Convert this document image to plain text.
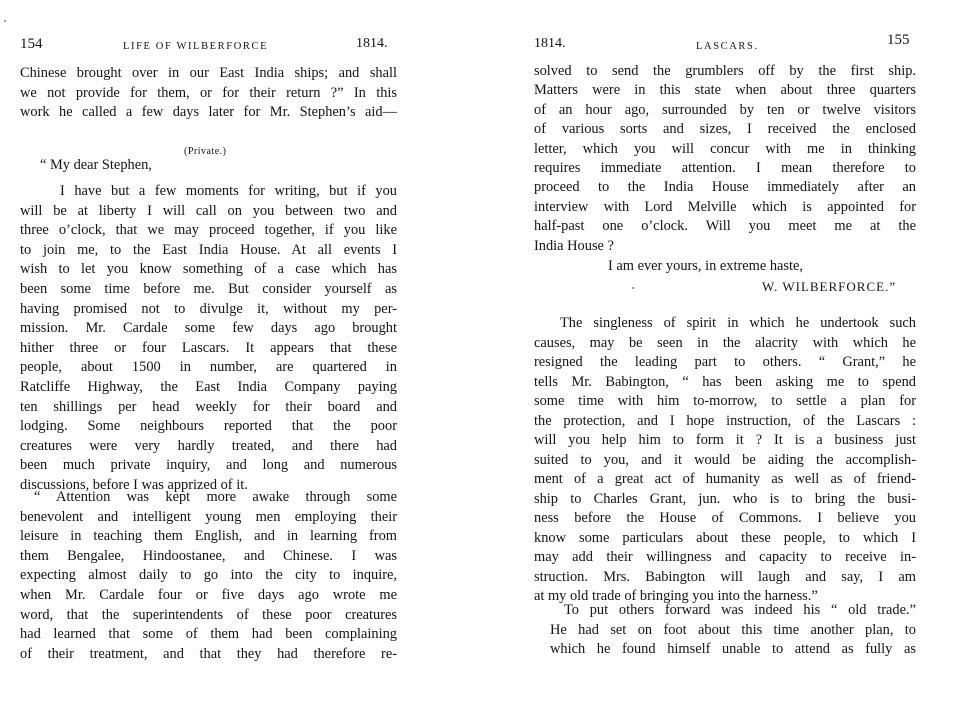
154	LIFE OF WILBERFORCE	1814.
Chinese brought over in our East India ships; and shall
we not provide for them, or for their return ?” In this
work he called a few days later for Mr. Stephen’s aid—
(Private.)
“ My dear Stephen,
I have but a few moments for writing, but if you
will be at liberty I will call on you between two and
three o’clock, that we may proceed together, if you like
to join me, to the East India House. At all events I
wish to let you know something of a case which has
been some time before me. But consider yourself as
having promised not to divulge it, without my per-
mission. Mr. Cardale some few days ago brought
hither three or four Lascars. It appears that these
people, about 1500 in number, are quartered in
Ratcliffe Highway, the East India Company paying
ten shillings per head weekly for their board and
lodging. Some neighbours reported that the poor
creatures were very hardly treated, and there had
been much private inquiry, and long and numerous
discussions, before I was apprized of it.
“ Attention was kept more awake through some
benevolent and intelligent young men employing their
leisure in teaching them English, and in learning from
them Bengalee, Hindoostanee, and Chinese. I was
expecting almost daily to go into the city to inquire,
when Mr. Cardale four or five days ago wrote me
word, that the superintendents of these poor creatures
had learned that some of them had been complaining
of their treatment, and that they had therefore re-
1814.	LASCARS.	155
solved to send the grumblers off by the first ship.
Matters were in this state when about three quarters
of an hour ago, surrounded by ten or twelve visitors
of various sorts and sizes, I received the enclosed
letter, which you will concur with me in thinking
requires immediate attention. I mean therefore to
proceed to the India House immediately after an
interview with Lord Melville which is appointed for
half-past one o’clock. Will you meet me at the
India House ?
I am ever yours, in extreme haste,
W. WILBERFORCE.”
The singleness of spirit in which he undertook such
causes, may be seen in the alacrity with which he
resigned the leading part to others. “ Grant,” he
tells Mr. Babington, “ has been asking me to spend
some time with him to-morrow, to settle a plan for
the protection, and I hope instruction, of the Lascars :
will you help him to form it ? It is a business just
suited to you, and it would be aiding the accomplish-
ment of a great act of humanity as well as of friend-
ship to Charles Grant, jun. who is to bring the busi-
ness before the House of Commons. I believe you
know some particulars about these people, to which I
may add their willingness and capacity to receive in-
struction. Mrs. Babington will laugh and say, I am
at my old trade of bringing you into the harness.”
To put others forward was indeed his “ old trade.”
He had set on foot about this time another plan, to
which he found himself unable to attend as fully as
